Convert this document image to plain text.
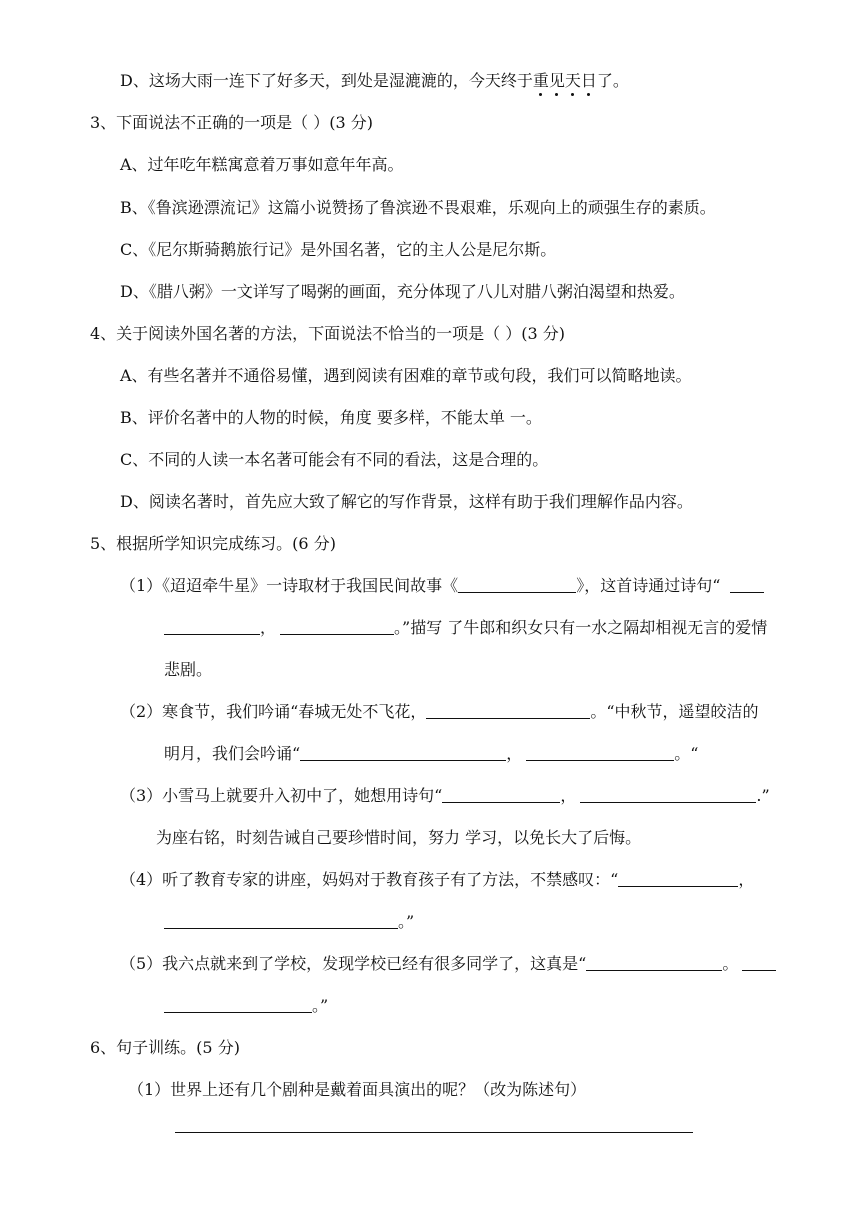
D、这场大雨一连下了好多天，到处是湿漉漉的，今天终于重见天日了。
3、下面说法不正确的一项是（ ）(3 分)
A、过年吃年糕寓意着万事如意年年高。
B、《鲁滨逊漂流记》这篇小说赞扬了鲁滨逊不畏艰难，乐观向上的顽强生存的素质。
C、《尼尔斯骑鹅旅行记》是外国名著，它的主人公是尼尔斯。
D、《腊八粥》一文详写了喝粥的画面，充分体现了八儿对腊八粥泊渴望和热爱。
4、关于阅读外国名著的方法，下面说法不恰当的一项是（ ）(3 分)
A、有些名著并不通俗易懂，遇到阅读有困难的章节或句段，我们可以简略地读。
B、评价名著中的人物的时候，角度 要多样，不能太单 一。
C、不同的人读一本名著可能会有不同的看法，这是合理的。
D、阅读名著时，首先应大致了解它的写作背景，这样有助于我们理解作品内容。
5、根据所学知识完成练习。(6 分)
（1）《迢迢牵牛星》一诗取材于我国民间故事《	》，这首诗通过诗句“
，	。”描写 了牛郎和织女只有一水之隔却相视无言的爱情
悲剧。
（2）寒食节，我们吟诵“春城无处不飞花，	。“中秋节，遥望皎洁的
明月，我们会吟诵“	，	。“
（3）小雪马上就要升入初中了，她想用诗句“	，	.”
为座右铭，时刻告诫自己要珍惜时间，努力 学习，以免长大了后悔。
（4）听了教育专家的讲座，妈妈对于教育孩子有了方法，不禁感叹：“	，
。”
（5）我六点就来到了学校，发现学校已经有很多同学了，这真是“	。
。”
6、句子训练。(5 分)
（1）世界上还有几个剧种是戴着面具演出的呢？（改为陈述句）
